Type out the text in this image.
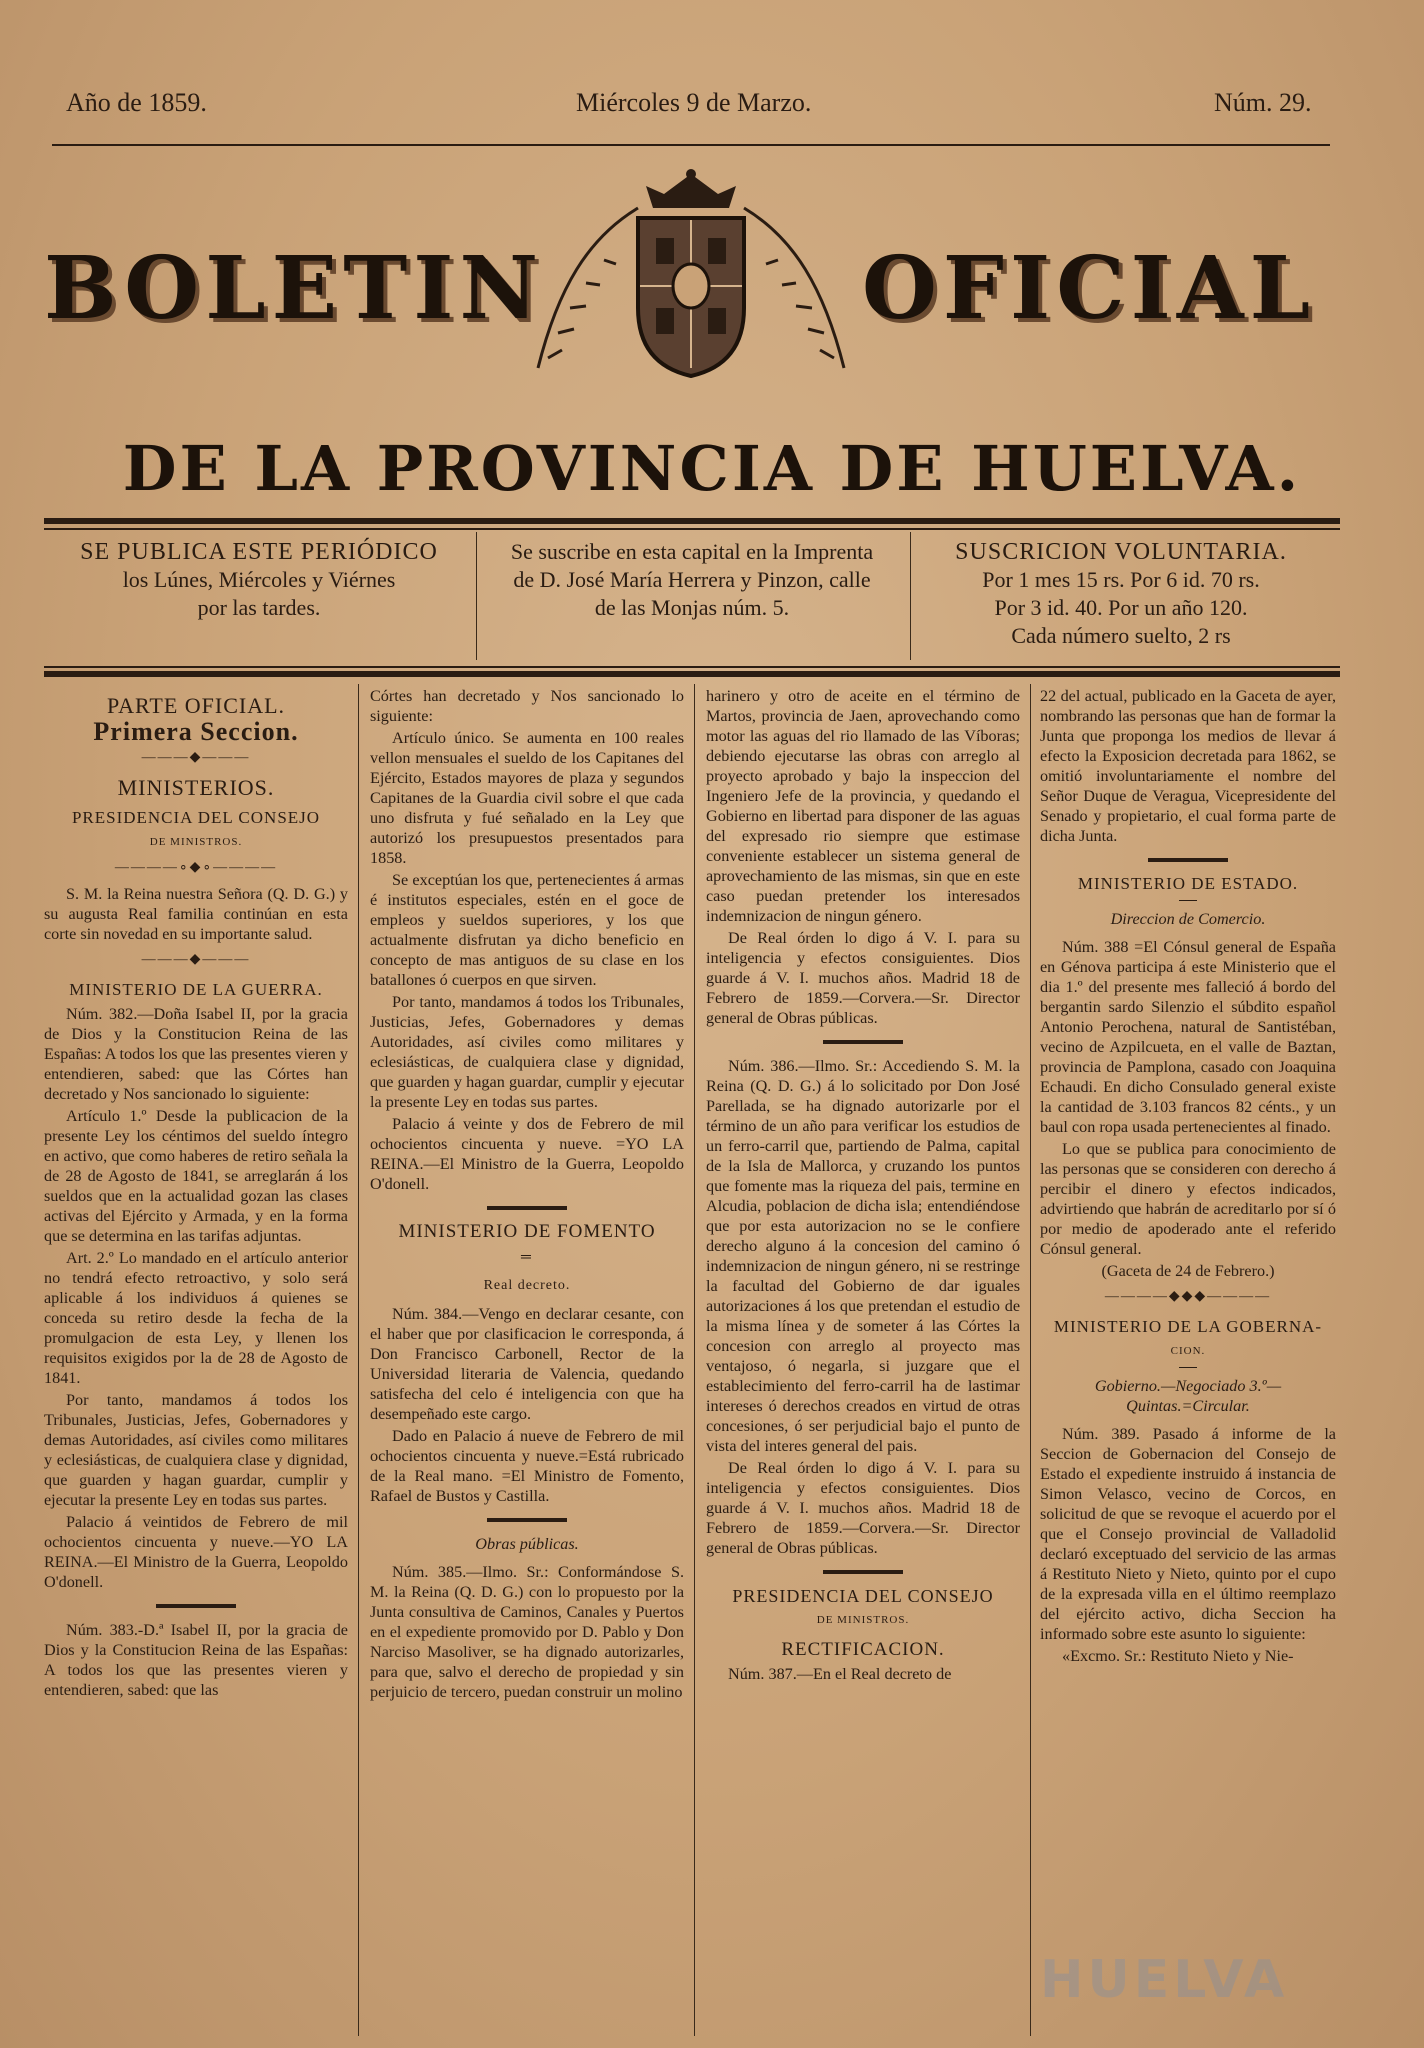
Año de 1859.	Miércoles 9 de Marzo.	Núm. 29.
BOLETIN	OFICIAL
DE LA PROVINCIA DE HUELVA.
SE PUBLICA ESTE PERIÓDICO
los Lúnes, Miércoles y Viérnes
por las tardes.
Se suscribe en esta capital en la Imprenta
de D. José María Herrera y Pinzon, calle
de las Monjas núm. 5.
SUSCRICION VOLUNTARIA.
Por 1 mes 15 rs. Por 6 id. 70 rs.
Por 3 id. 40. Por un año 120.
Cada número suelto, 2 rs
PARTE OFICIAL.
Primera Seccion.
———◆———
MINISTERIOS.
PRESIDENCIA DEL CONSEJO
DE MINISTROS.
————∘◆∘————

S. M. la Reina nuestra Señora (Q. D. G.) y su augusta Real familia continúan en esta corte sin novedad en su importante salud.

———◆———
MINISTERIO DE LA GUERRA.

Núm. 382.—Doña Isabel II, por la gracia de Dios y la Constitucion Reina de las Españas: A todos los que las presentes vieren y entendieren, sabed: que las Córtes han decretado y Nos sancionado lo siguiente:

Artículo 1.º Desde la publicacion de la presente Ley los céntimos del sueldo íntegro en activo, que como haberes de retiro señala la de 28 de Agosto de 1841, se arreglarán á los sueldos que en la actualidad gozan las clases activas del Ejército y Armada, y en la forma que se determina en las tarifas adjuntas.

Art. 2.º Lo mandado en el artículo anterior no tendrá efecto retroactivo, y solo será aplicable á los individuos á quienes se conceda su retiro desde la fecha de la promulgacion de esta Ley, y llenen los requisitos exigidos por la de 28 de Agosto de 1841.

Por tanto, mandamos á todos los Tribunales, Justicias, Jefes, Gobernadores y demas Autoridades, así civiles como militares y eclesiásticas, de cualquiera clase y dignidad, que guarden y hagan guardar, cumplir y ejecutar la presente Ley en todas sus partes.

Palacio á veintidos de Febrero de mil ochocientos cincuenta y nueve.—YO LA REINA.—El Ministro de la Guerra, Leopoldo O'donell.

Núm. 383.-D.ª Isabel II, por la gracia de Dios y la Constitucion Reina de las Españas: A todos los que las presentes vieren y entendieren, sabed: que las

Córtes han decretado y Nos sancionado lo siguiente:

Artículo único. Se aumenta en 100 reales vellon mensuales el sueldo de los Capitanes del Ejército, Estados mayores de plaza y segundos Capitanes de la Guardia civil sobre el que cada uno disfruta y fué señalado en la Ley que autorizó los presupuestos presentados para 1858.

Se exceptúan los que, pertenecientes á armas é institutos especiales, estén en el goce de empleos y sueldos superiores, y los que actualmente disfrutan ya dicho beneficio en concepto de mas antiguos de su clase en los batallones ó cuerpos en que sirven.

Por tanto, mandamos á todos los Tribunales, Justicias, Jefes, Gobernadores y demas Autoridades, así civiles como militares y eclesiásticas, de cualquiera clase y dignidad, que guarden y hagan guardar, cumplir y ejecutar la presente Ley en todas sus partes.

Palacio á veinte y dos de Febrero de mil ochocientos cincuenta y nueve. =YO LA REINA.—El Ministro de la Guerra, Leopoldo O'donell.

MINISTERIO DE FOMENTO
═
Real decreto.

Núm. 384.—Vengo en declarar cesante, con el haber que por clasificacion le corresponda, á Don Francisco Carbonell, Rector de la Universidad literaria de Valencia, quedando satisfecha del celo é inteligencia con que ha desempeñado este cargo.

Dado en Palacio á nueve de Febrero de mil ochocientos cincuenta y nueve.=Está rubricado de la Real mano. =El Ministro de Fomento, Rafael de Bustos y Castilla.

Obras públicas.

Núm. 385.—Ilmo. Sr.: Conformándose S. M. la Reina (Q. D. G.) con lo propuesto por la Junta consultiva de Caminos, Canales y Puertos en el expediente promovido por D. Pablo y Don Narciso Masoliver, se ha dignado autorizarles, para que, salvo el derecho de propiedad y sin perjuicio de tercero, puedan construir un molino

harinero y otro de aceite en el término de Martos, provincia de Jaen, aprovechando como motor las aguas del rio llamado de las Víboras; debiendo ejecutarse las obras con arreglo al proyecto aprobado y bajo la inspeccion del Ingeniero Jefe de la provincia, y quedando el Gobierno en libertad para disponer de las aguas del expresado rio siempre que estimase conveniente establecer un sistema general de aprovechamiento de las mismas, sin que en este caso puedan pretender los interesados indemnizacion de ningun género.

De Real órden lo digo á V. I. para su inteligencia y efectos consiguientes. Dios guarde á V. I. muchos años. Madrid 18 de Febrero de 1859.—Corvera.—Sr. Director general de Obras públicas.

Núm. 386.—Ilmo. Sr.: Accediendo S. M. la Reina (Q. D. G.) á lo solicitado por Don José Parellada, se ha dignado autorizarle por el término de un año para verificar los estudios de un ferro-carril que, partiendo de Palma, capital de la Isla de Mallorca, y cruzando los puntos que fomente mas la riqueza del pais, termine en Alcudia, poblacion de dicha isla; entendiéndose que por esta autorizacion no se le confiere derecho alguno á la concesion del camino ó indemnizacion de ningun género, ni se restringe la facultad del Gobierno de dar iguales autorizaciones á los que pretendan el estudio de la misma línea y de someter á las Córtes la concesion con arreglo al proyecto mas ventajoso, ó negarla, si juzgare que el establecimiento del ferro-carril ha de lastimar intereses ó derechos creados en virtud de otras concesiones, ó ser perjudicial bajo el punto de vista del interes general del pais.

De Real órden lo digo á V. I. para su inteligencia y efectos consiguientes. Dios guarde á V. I. muchos años. Madrid 18 de Febrero de 1859.—Corvera.—Sr. Director general de Obras públicas.

PRESIDENCIA DEL CONSEJO
DE MINISTROS.
RECTIFICACION.

Núm. 387.—En el Real decreto de

22 del actual, publicado en la Gaceta de ayer, nombrando las personas que han de formar la Junta que proponga los medios de llevar á efecto la Exposicion decretada para 1862, se omitió involuntariamente el nombre del Señor Duque de Veragua, Vicepresidente del Senado y propietario, el cual forma parte de dicha Junta.

MINISTERIO DE ESTADO.
Direccion de Comercio.

Núm. 388 =El Cónsul general de España en Génova participa á este Ministerio que el dia 1.º del presente mes falleció á bordo del bergantin sardo Silenzio el súbdito español Antonio Perochena, natural de Santistéban, vecino de Azpilcueta, en el valle de Baztan, provincia de Pamplona, casado con Joaquina Echaudi. En dicho Consulado general existe la cantidad de 3.103 francos 82 cénts., y un baul con ropa usada pertenecientes al finado.

Lo que se publica para conocimiento de las personas que se consideren con derecho á percibir el dinero y efectos indicados, advirtiendo que habrán de acreditarlo por sí ó por medio de apoderado ante el referido Cónsul general.

(Gaceta de 24 de Febrero.)
————◆◆◆————
MINISTERIO DE LA GOBERNA-
CION.
Gobierno.—Negociado 3.º—Quintas.=Circular.

Núm. 389. Pasado á informe de la Seccion de Gobernacion del Consejo de Estado el expediente instruido á instancia de Simon Velasco, vecino de Corcos, en solicitud de que se revoque el acuerdo por el que el Consejo provincial de Valladolid declaró exceptuado del servicio de las armas á Restituto Nieto y Nieto, quinto por el cupo de la expresada villa en el último reemplazo del ejército activo, dicha Seccion ha informado sobre este asunto lo siguiente:

«Excmo. Sr.: Restituto Nieto y Nie-

HUELVA
